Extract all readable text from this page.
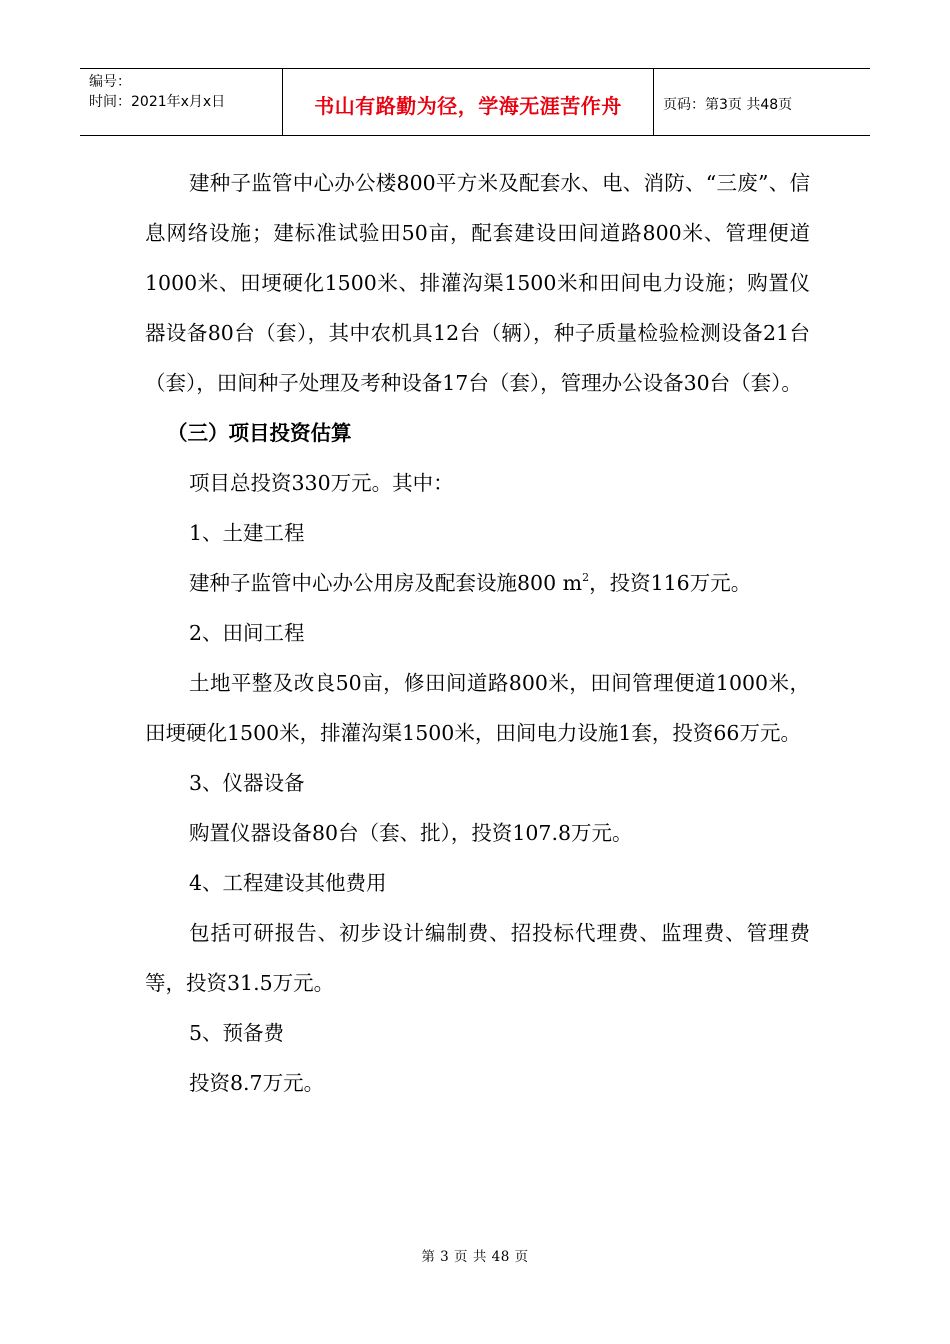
编号：
时间：2021年x月x日	书山有路勤为径，学海无涯苦作舟	页码：第3页 共48页

建种子监管中心办公楼800平方米及配套水、电、消防、“三废”、信息网络设施；建标准试验田50亩，配套建设田间道路800米、管理便道1000米、田埂硬化1500米、排灌沟渠1500米和田间电力设施；购置仪器设备80台（套），其中农机具12台（辆），种子质量检验检测设备21台（套），田间种子处理及考种设备17台（套），管理办公设备30台（套）。

（三）项目投资估算

项目总投资330万元。其中：

1、土建工程

建种子监管中心办公用房及配套设施800 $m^2$，投资116万元。

2、田间工程

土地平整及改良50亩，修田间道路800米，田间管理便道1000米，田埂硬化1500米，排灌沟渠1500米，田间电力设施1套，投资66万元。

3、仪器设备

购置仪器设备80台（套、批），投资107.8万元。

4、工程建设其他费用

包括可研报告、初步设计编制费、招投标代理费、监理费、管理费等，投资31.5万元。

5、预备费

投资8.7万元。

第 3 页 共 48 页
